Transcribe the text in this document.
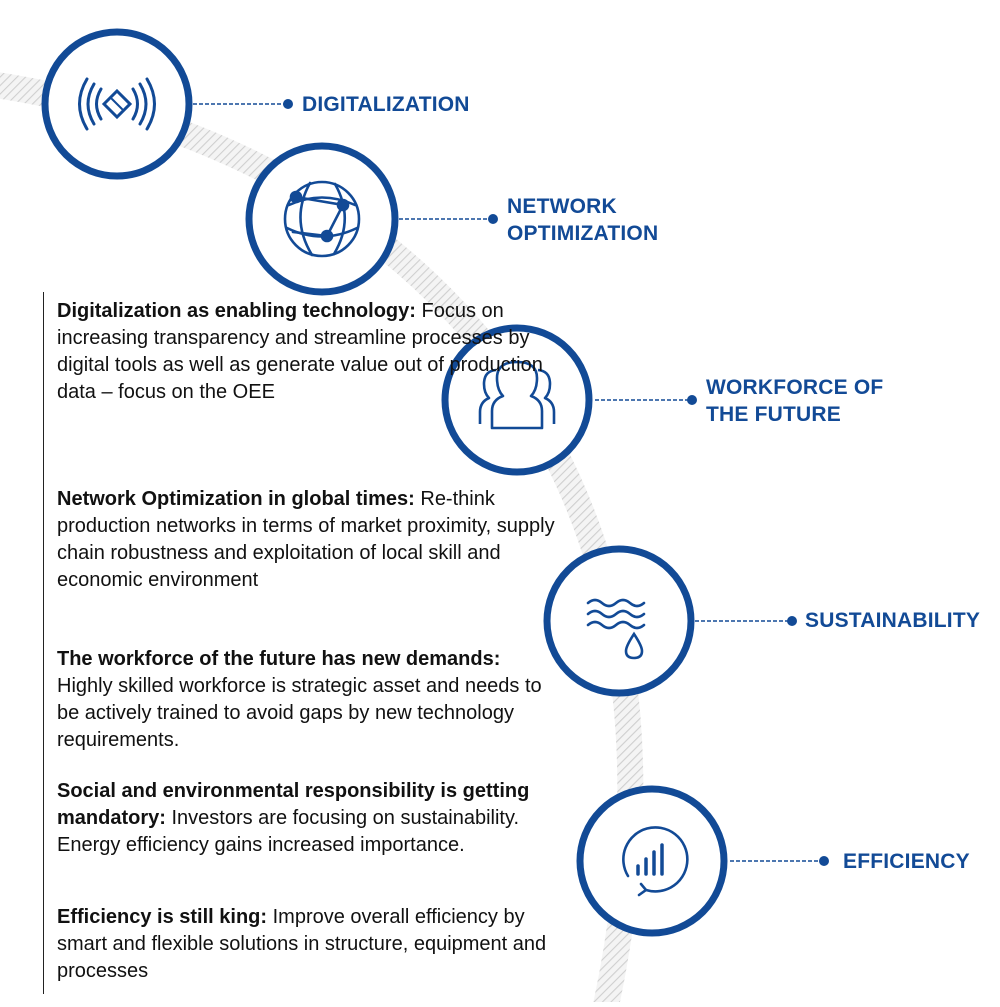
DIGITALIZATION
NETWORK
OPTIMIZATION
WORKFORCE OF
THE FUTURE
SUSTAINABILITY
EFFICIENCY

Digitalization as enabling technology: Focus on increasing transparency and streamline processes by digital tools as well as generate value out of production data – focus on the OEE

Network Optimization in global times: Re-think production networks in terms of market proximity, supply chain robustness and exploitation of local skill and economic environment

The workforce of the future has new demands: Highly skilled workforce is strategic asset and needs to be actively trained to avoid gaps by new technology requirements.

Social and environmental responsibility is getting mandatory: Investors are focusing on sustainability. Energy efficiency gains increased importance.

Efficiency is still king: Improve overall efficiency by smart and flexible solutions in structure, equipment and processes
